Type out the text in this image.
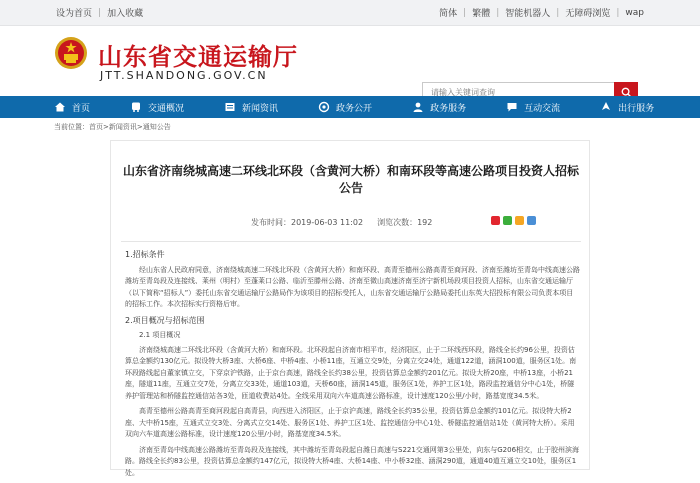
设为首页 | 加入收藏	简体 | 繁體 | 智能机器人 | 无障碍浏览 | wap
山东省交通运输厅
JTT.SHANDONG.GOV.CN
请输入关键词查询
首页	交通概况	新闻资讯	政务公开	政务服务	互动交流	出行服务
当前位置：首页>新闻资讯>通知公告
山东省济南绕城高速二环线北环段（含黄河大桥）和南环段等高速公路项目投资人招标公告
发布时间：2019-06-03 11:02 浏览次数：192

1.招标条件

经山东省人民政府同意，济南绕城高速二环线北环段（含黄河大桥）和南环段、高青至德州公路高青至商河段、济南至潍坊至青岛中线高速公路潍坊至青岛段及连接线、莱州（明村）至蓬莱口公路、临沂至滕州公路、济南至微山高速济南至济宁新机场段项目投资人招标，山东省交通运输厅（以下简称“招标人”）委托山东省交通运输厅公路局作为该项目的招标受托人，山东省交通运输厅公路局委托山东英大招投标有限公司负责本项目的招标工作。本次招标实行资格后审。

2.项目概况与招标范围

2.1 项目概况

济南绕城高速二环线北环段（含黄河大桥）和南环段。北环段起自济南市相平市，经济阳区，止于二环线西环段，路线全长约96公里，投资估算总金额约130亿元。拟设特大桥3座、大桥6座、中桥4座、小桥11座，互通立交9处，分离立交24处，通道122道，涵洞100道，服务区1处。南环段路线起自董家镇立交，下穿京沪铁路，止于京台高速，路线全长约38公里，投资估算总金额约201亿元。拟设大桥20座，中桥13座，小桥21座，隧道11座，互通立交7处，分离立交33处，通道103道，天桥60座，涵洞145道，服务区1处，养护工区1处，路段监控通信分中心1处，桥隧养护管理站和桥隧监控通信站各3处，匝道收费站4处。全线采用双向六车道高速公路标准，设计速度120公里/小时，路基宽度34.5米。

高青至德州公路高青至商河段起自高青县，向西进入济阳区，止于京沪高速，路线全长约35公里，投资估算总金额约101亿元。拟设特大桥2座、大中桥15座，互通式立交3处、分离式立交14处、服务区1处、养护工区1处、监控通信分中心1处、桥隧监控通信站1处（黄河特大桥）。采用双向六车道高速公路标准，设计速度120公里/小时，路基宽度34.5米。

济南至青岛中线高速公路潍坊至青岛段及连接线，其中潍坊至青岛段起自潍日高速与S221交通网第3公里处，向东与G206相交，止于胶州滨海路。路线全长约83公里，投资估算总金额约147亿元，拟设特大桥4座、大桥14座、中小桥32座、涵洞290道，通道40道互通立交10处，服务区1处。
